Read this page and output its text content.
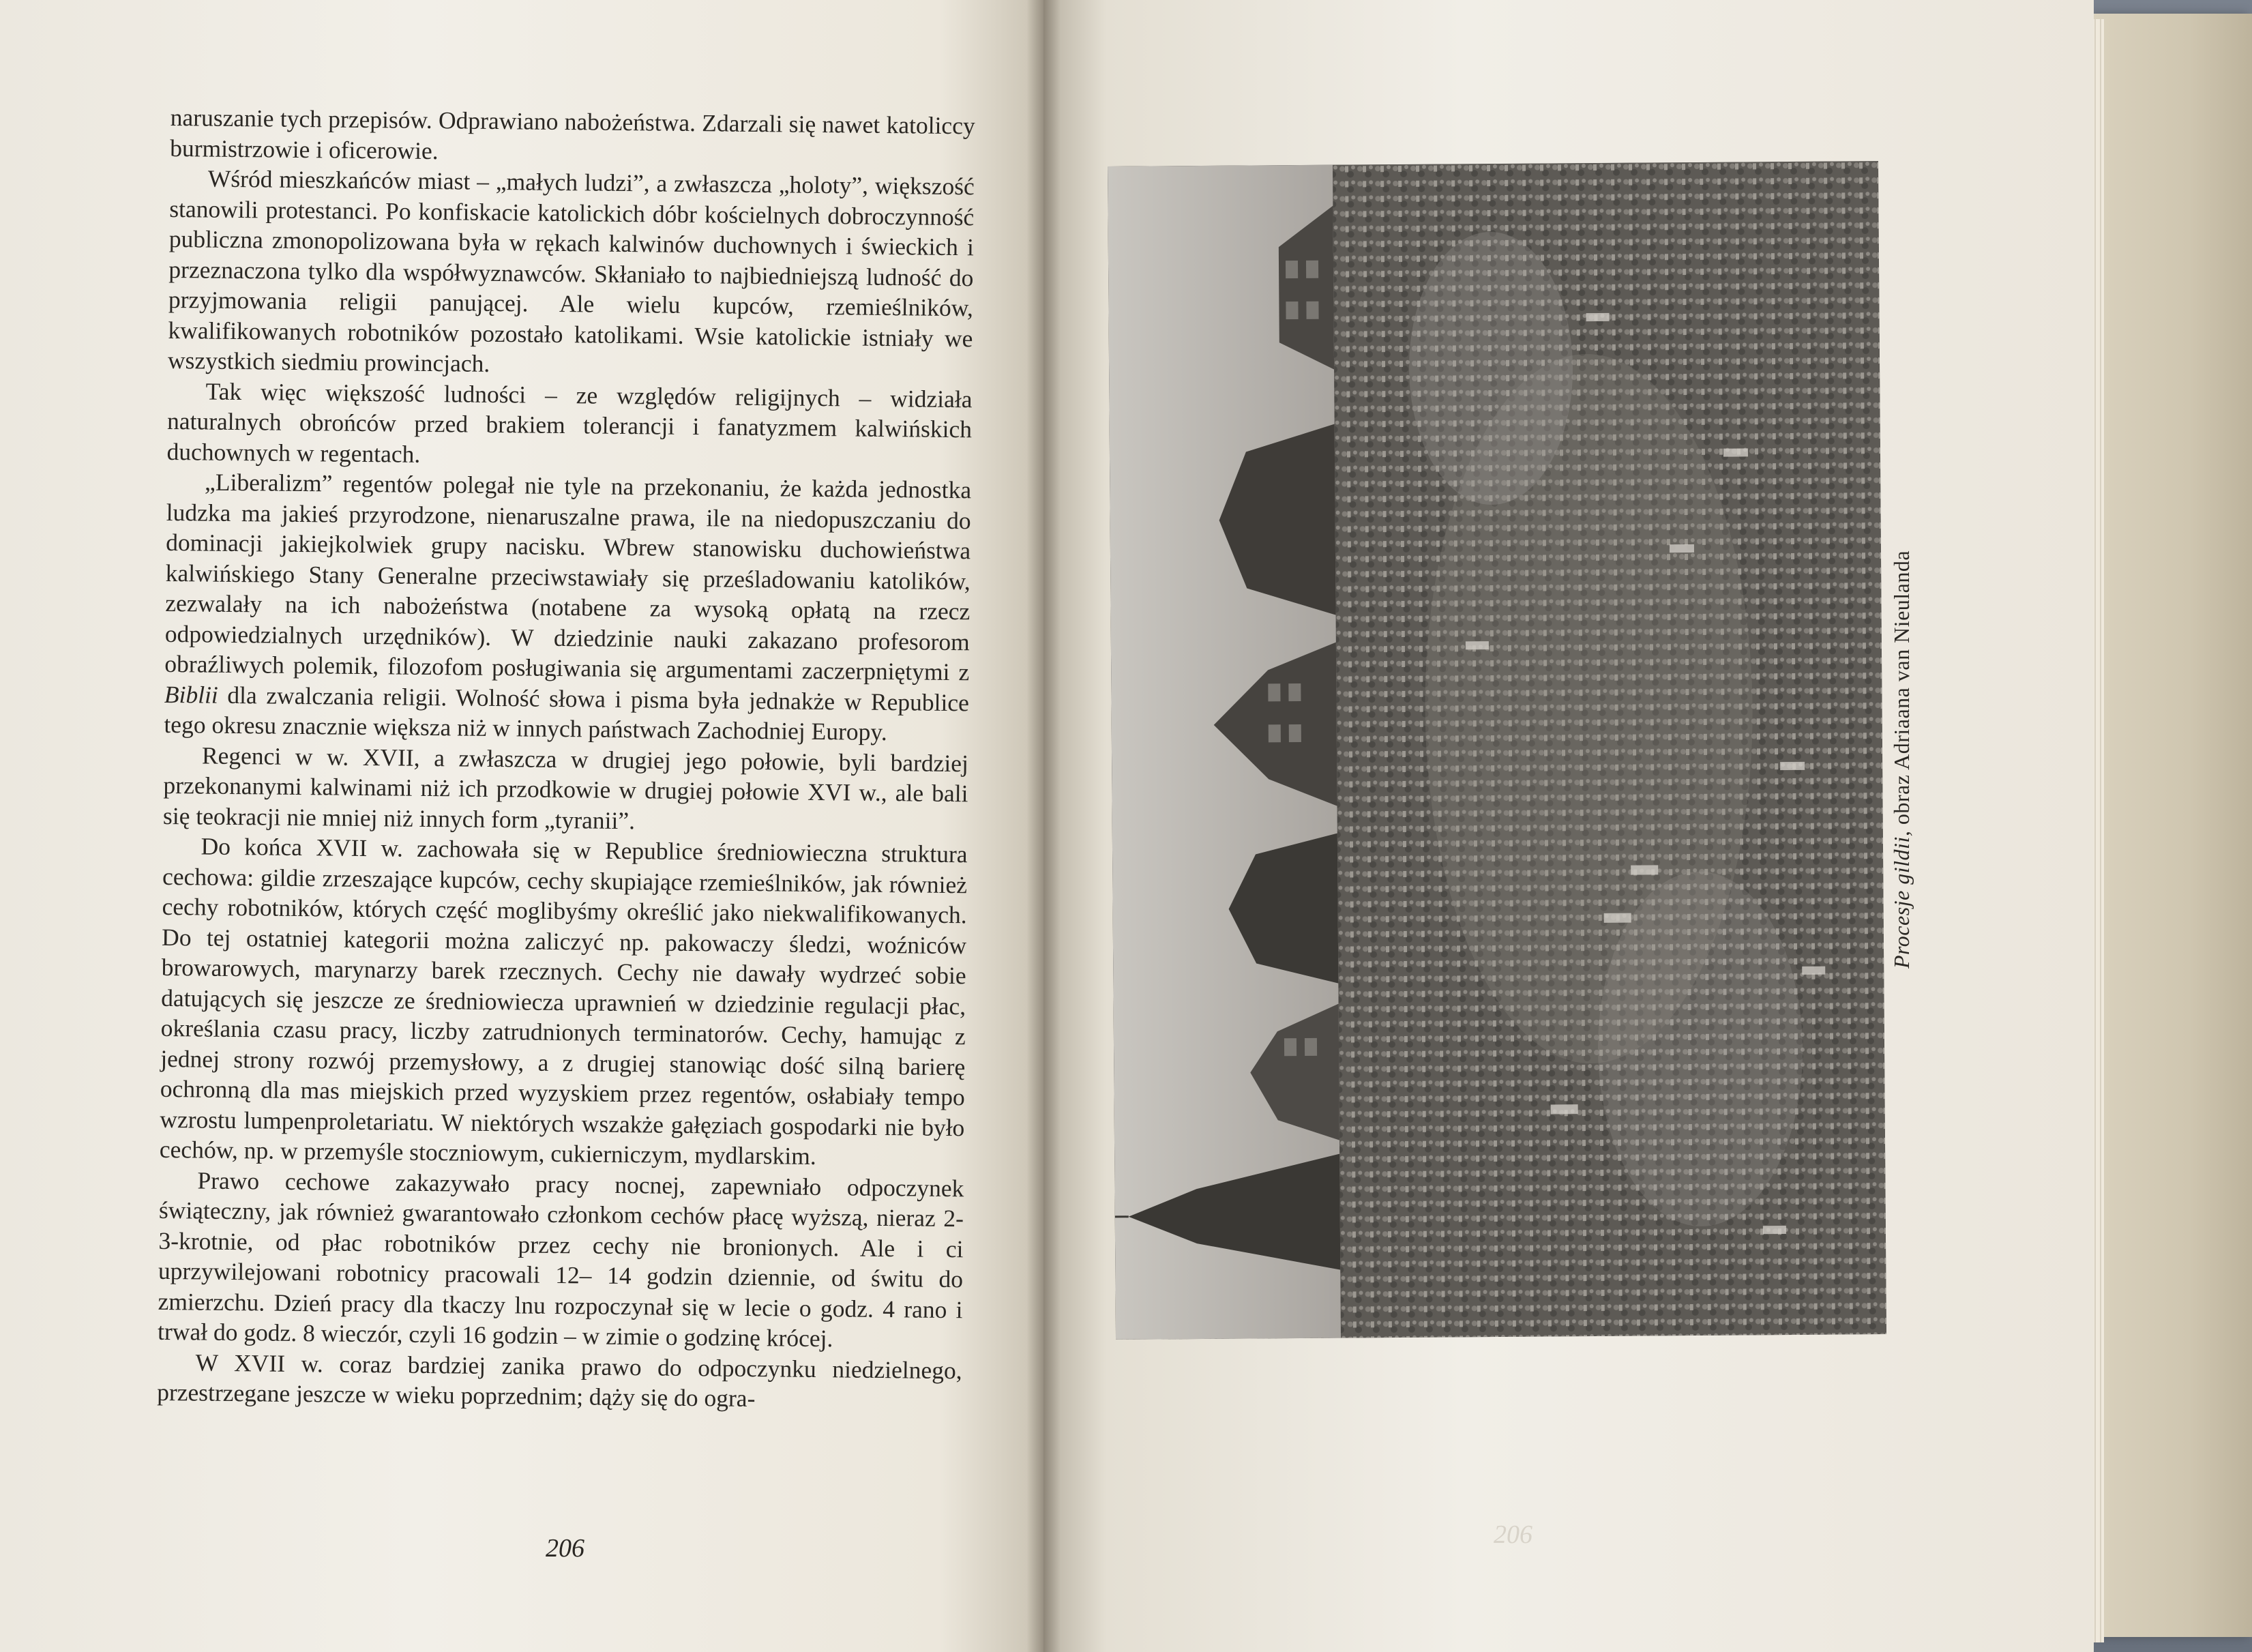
naruszanie tych przepisów. Odprawiano nabożeństwa. Zdarzali się nawet katoliccy burmistrzowie i oficerowie.

Wśród mieszkańców miast – „małych ludzi”, a zwłaszcza „holoty”, większość stanowili protestanci. Po konfiskacie katolickich dóbr kościelnych dobroczynność publiczna zmonopolizowana była w rękach kalwinów duchownych i świeckich i przeznaczona tylko dla współwyznawców. Skłaniało to najbiedniejszą ludność do przyjmowania religii panującej. Ale wielu kupców, rzemieślników, kwalifikowanych robotników pozostało katolikami. Wsie katolickie istniały we wszystkich siedmiu prowincjach.

Tak więc większość ludności – ze względów religijnych – widziała naturalnych obrońców przed brakiem tolerancji i fanatyzmem kalwińskich duchownych w regentach.

„Liberalizm” regentów polegał nie tyle na przekonaniu, że każda jednostka ludzka ma jakieś przyrodzone, nienaruszalne prawa, ile na niedopuszczaniu do dominacji jakiejkolwiek grupy nacisku. Wbrew stanowisku duchowieństwa kalwińskiego Stany Generalne przeciwstawiały się prześladowaniu katolików, zezwalały na ich nabożeństwa (notabene za wysoką opłatą na rzecz odpowiedzialnych urzędników). W dziedzinie nauki zakazano profesorom obraźliwych polemik, filozofom posługiwania się argumentami zaczerpniętymi z Biblii dla zwalczania religii. Wolność słowa i pisma była jednakże w Republice tego okresu znacznie większa niż w innych państwach Zachodniej Europy.

Regenci w w. XVII, a zwłaszcza w drugiej jego połowie, byli bardziej przekonanymi kalwinami niż ich przodkowie w drugiej połowie XVI w., ale bali się teokracji nie mniej niż innych form „tyranii”.

Do końca XVII w. zachowała się w Republice średniowieczna struktura cechowa: gildie zrzeszające kupców, cechy skupiające rzemieślników, jak również cechy robotników, których część moglibyśmy określić jako niekwalifikowanych. Do tej ostatniej kategorii można zaliczyć np. pakowaczy śledzi, woźniców browarowych, marynarzy barek rzecznych. Cechy nie dawały wydrzeć sobie datujących się jeszcze ze średniowiecza uprawnień w dziedzinie regulacji płac, określania czasu pracy, liczby zatrudnionych terminatorów. Cechy, hamując z jednej strony rozwój przemysłowy, a z drugiej stanowiąc dość silną barierę ochronną dla mas miejskich przed wyzyskiem przez regentów, osłabiały tempo wzrostu lumpenproletariatu. W niektórych wszakże gałęziach gospodarki nie było cechów, np. w przemyśle stoczniowym, cukierniczym, mydlarskim.

Prawo cechowe zakazywało pracy nocnej, zapewniało odpoczynek świąteczny, jak również gwarantowało członkom cechów płacę wyższą, nieraz 2- 3-krotnie, od płac robotników przez cechy nie bronionych. Ale i ci uprzywilejowani robotnicy pracowali 12– 14 godzin dziennie, od świtu do zmierzchu. Dzień pracy dla tkaczy lnu rozpoczynał się w lecie o godz. 4 rano i trwał do godz. 8 wieczór, czyli 16 godzin – w zimie o godzinę krócej.

W XVII w. coraz bardziej zanika prawo do odpoczynku niedzielnego, przestrzegane jeszcze w wieku poprzednim; dąży się do ogra-

206
Procesje gildii, obraz Adriaana van Nieulanda
206
